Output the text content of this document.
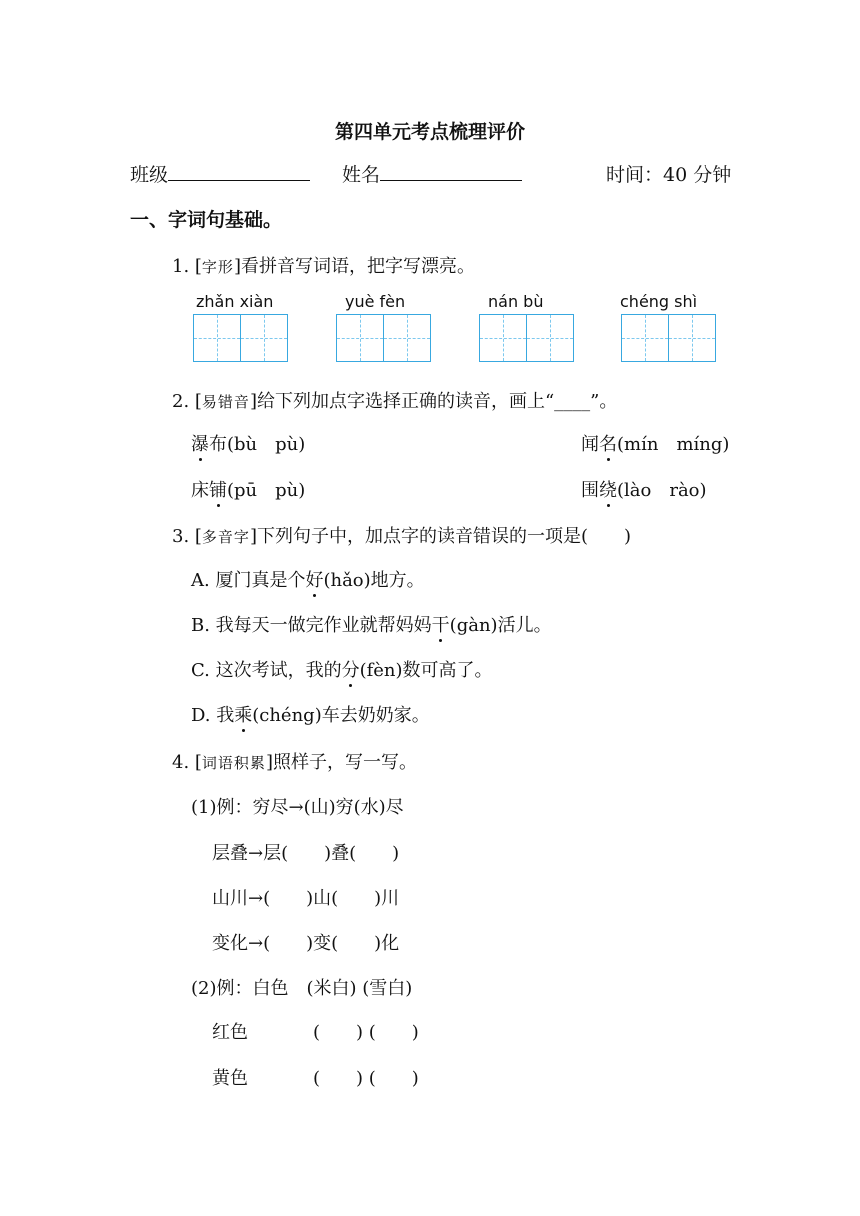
第四单元考点梳理评价
班级	姓名	时间：40 分钟
一、字词句基础。
1. [字形]看拼音写词语，把字写漂亮。
zhǎn xiàn	yuè fèn	nán bù	chéng shì
2. [易错音]给下列加点字选择正确的读音，画上“____”。
瀑布(bù　pù)	闻名(mín　míng)
床铺(pū　pù)	围绕(lào　rào)
3. [多音字]下列句子中，加点字的读音错误的一项是(　　)
A. 厦门真是个好(hǎo)地方。
B. 我每天一做完作业就帮妈妈干(gàn)活儿。
C. 这次考试，我的分(fèn)数可高了。
D. 我乘(chéng)车去奶奶家。
4. [词语积累]照样子，写一写。
(1)例：穷尽→(山)穷(水)尽
层叠→层(　　)叠(　　)
山川→(　　)山(　　)川
变化→(　　)变(　　)化
(2)例：白色　(米白) (雪白)
红色	(　　) (　　)
黄色	(　　) (　　)
